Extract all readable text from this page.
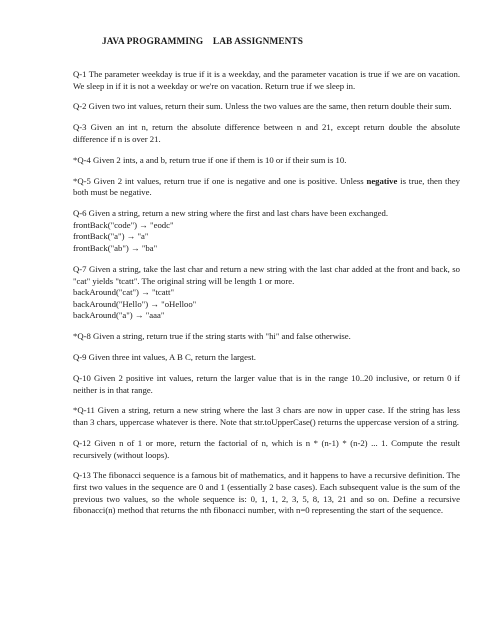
JAVA PROGRAMMING    LAB ASSIGNMENTS

Q-1 The parameter weekday is true if it is a weekday, and the parameter vacation is true if we are on vacation. We sleep in if it is not a weekday or we're on vacation. Return true if we sleep in.

Q-2 Given two int values, return their sum. Unless the two values are the same, then return double their sum.

Q-3 Given an int n, return the absolute difference between n and 21, except return double the absolute difference if n is over 21.

*Q-4 Given 2 ints, a and b, return true if one if them is 10 or if their sum is 10.

*Q-5 Given 2 int values, return true if one is negative and one is positive. Unless negative is true, then they both must be negative.

Q-6 Given a string, return a new string where the first and last chars have been exchanged.
frontBack("code") → "eodc"
frontBack("a") → "a"
frontBack("ab") → "ba"
Q-7 Given a string, take the last char and return a new string with the last char added at the front and back, so "cat" yields "tcatt". The original string will be length 1 or more.
backAround("cat") → "tcatt"
backAround("Hello") → "oHelloo"
backAround("a") → "aaa"

*Q-8 Given a string, return true if the string starts with "hi" and false otherwise.

Q-9 Given three int values, A B C, return the largest.

Q-10 Given 2 positive int values, return the larger value that is in the range 10..20 inclusive, or return 0 if neither is in that range.

*Q-11 Given a string, return a new string where the last 3 chars are now in upper case. If the string has less than 3 chars, uppercase whatever is there. Note that str.toUpperCase() returns the uppercase version of a string.

Q-12 Given n of 1 or more, return the factorial of n, which is n * (n-1) * (n-2) ... 1. Compute the result recursively (without loops).

Q-13 The fibonacci sequence is a famous bit of mathematics, and it happens to have a recursive definition. The first two values in the sequence are 0 and 1 (essentially 2 base cases). Each subsequent value is the sum of the previous two values, so the whole sequence is: 0, 1, 1, 2, 3, 5, 8, 13, 21 and so on. Define a recursive fibonacci(n) method that returns the nth fibonacci number, with n=0 representing the start of the sequence.
